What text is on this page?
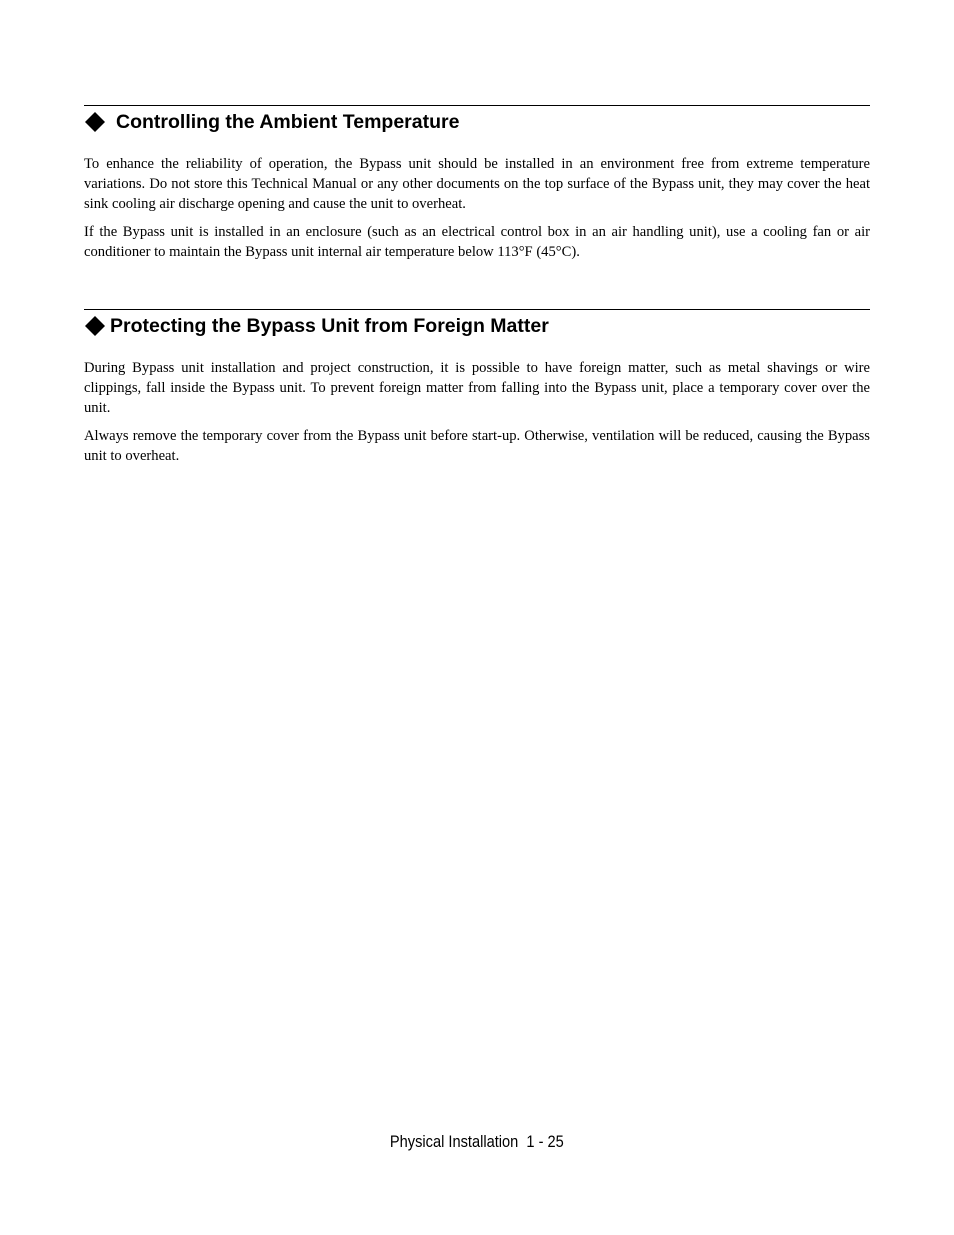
Controlling the Ambient Temperature

To enhance the reliability of operation, the Bypass unit should be installed in an environment free from extreme temperature variations. Do not store this Technical Manual or any other documents on the top surface of the Bypass unit, they may cover the heat sink cooling air discharge opening and cause the unit to overheat.

If the Bypass unit is installed in an enclosure (such as an electrical control box in an air handling unit), use a cooling fan or air conditioner to maintain the Bypass unit internal air temperature below 113°F (45°C).

Protecting the Bypass Unit from Foreign Matter

During Bypass unit installation and project construction, it is possible to have foreign matter, such as metal shavings or wire clippings, fall inside the Bypass unit. To prevent foreign matter from falling into the Bypass unit, place a temporary cover over the unit.

Always remove the temporary cover from the Bypass unit before start-up. Otherwise, ventilation will be reduced, causing the Bypass unit to overheat.

Physical Installation  1 - 25
